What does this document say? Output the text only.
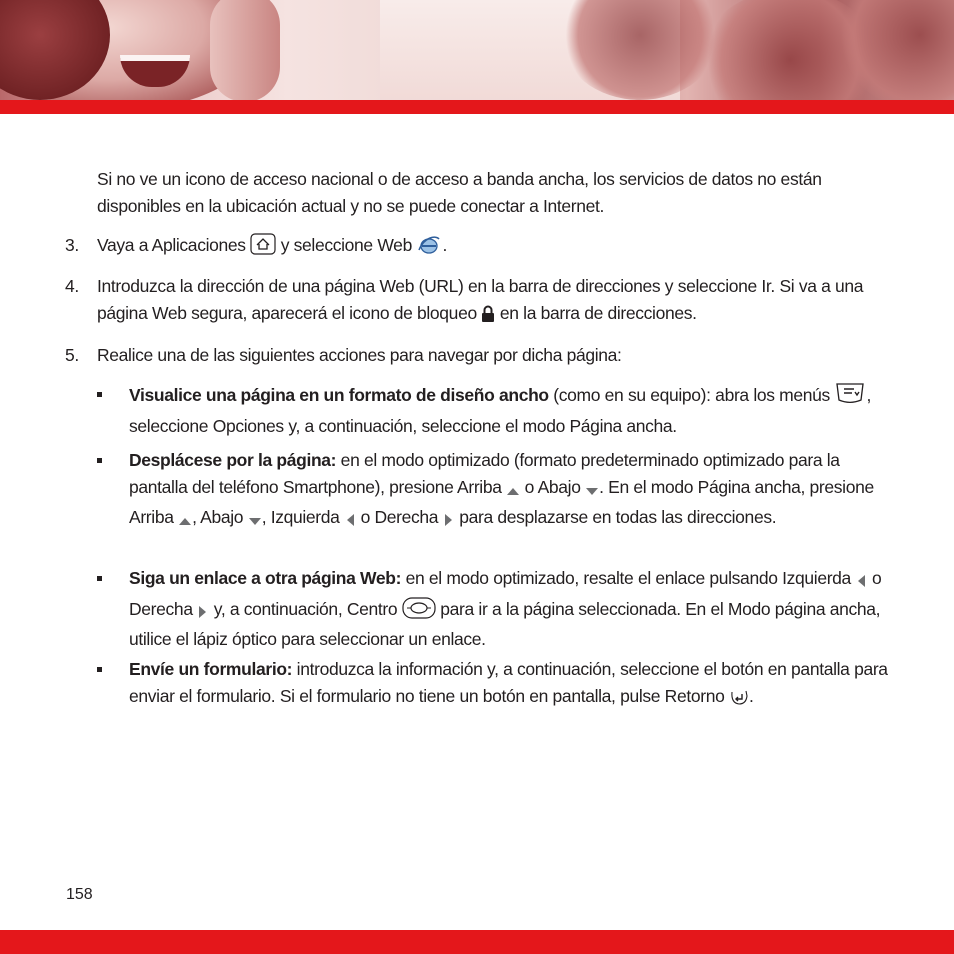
Si no ve un icono de acceso nacional o de acceso a banda ancha, los servicios de datos no están disponibles en la ubicación actual y no se puede conectar a Internet.

3. Vaya a Aplicaciones y seleccione Web .

4. Introduzca la dirección de una página Web (URL) en la barra de direcciones y seleccione Ir. Si va a una página Web segura, aparecerá el icono de bloqueo en la barra de direcciones.

5. Realice una de las siguientes acciones para navegar por dicha página:

Visualice una página en un formato de diseño ancho (como en su equipo): abra los menús , seleccione Opciones y, a continuación, seleccione el modo Página ancha.

Desplácese por la página: en el modo optimizado (formato predeterminado optimizado para la pantalla del teléfono Smartphone), presione Arriba  o Abajo . En el modo Página ancha, presione Arriba , Abajo , Izquierda  o Derecha  para desplazarse en todas las direcciones.

Siga un enlace a otra página Web: en el modo optimizado, resalte el enlace pulsando Izquierda  o Derecha  y, a continuación, Centro  para ir a la página seleccionada. En el Modo página ancha, utilice el lápiz óptico para seleccionar un enlace.

Envíe un formulario: introduzca la información y, a continuación, seleccione el botón en pantalla para enviar el formulario. Si el formulario no tiene un botón en pantalla, pulse Retorno .

158
